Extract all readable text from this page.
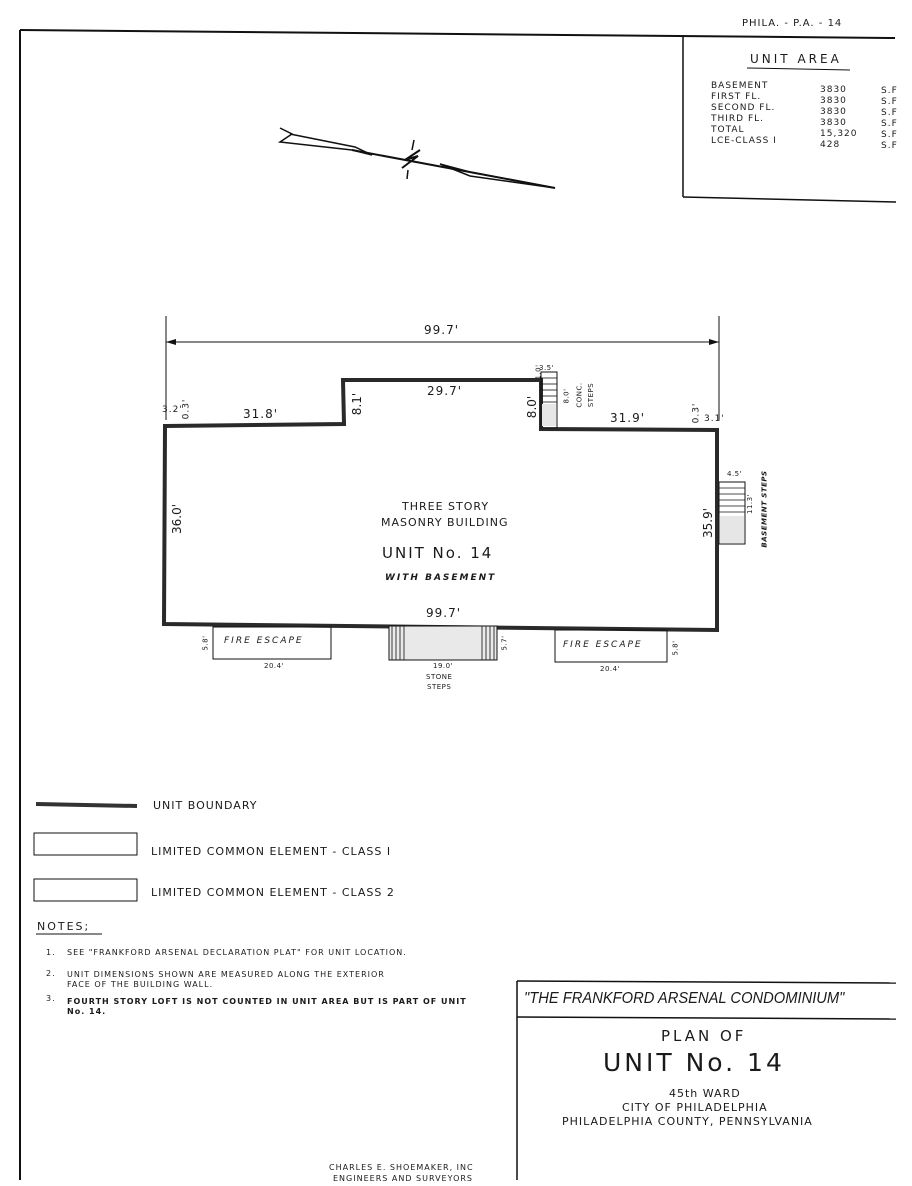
PHILA. - P.A. - 14
UNIT AREA
BASEMENT	3830	S.F
FIRST FL.	3830	S.F
SECOND FL.	3830	S.F
THIRD FL.	3830	S.F
TOTAL	15,320	S.F
LCE-CLASS I	428	S.F
99.7'
3.2'
0.3'	31.8'	8.1'
29.7'
8.0'	31.9'	0.3' 3.1'
3.5'
1.0'
8.0' CONC. STEPS
36.0'	35.9'
4.5'
11.3' BASEMENT STEPS
THREE STORY
MASONRY BUILDING
UNIT No. 14
WITH BASEMENT
99.7'
FIRE ESCAPE
20.4'
5.8'	FIRE ESCAPE
20.4'
5.8'
19.0'
5.7'
STONE
STEPS
UNIT BOUNDARY
LIMITED COMMON ELEMENT - CLASS I
LIMITED COMMON ELEMENT - CLASS 2
NOTES;
1. SEE "FRANKFORD ARSENAL DECLARATION PLAT" FOR UNIT LOCATION.
2. UNIT DIMENSIONS SHOWN ARE MEASURED ALONG THE EXTERIOR
FACE OF THE BUILDING WALL.
3. FOURTH STORY LOFT IS NOT COUNTED IN UNIT AREA BUT IS PART OF UNIT
No. 14.
"THE FRANKFORD ARSENAL CONDOMINIUM"
PLAN OF
UNIT No. 14
45th WARD
CITY OF PHILADELPHIA
PHILADELPHIA COUNTY, PENNSYLVANIA
CHARLES E. SHOEMAKER, INC
ENGINEERS AND SURVEYORS
